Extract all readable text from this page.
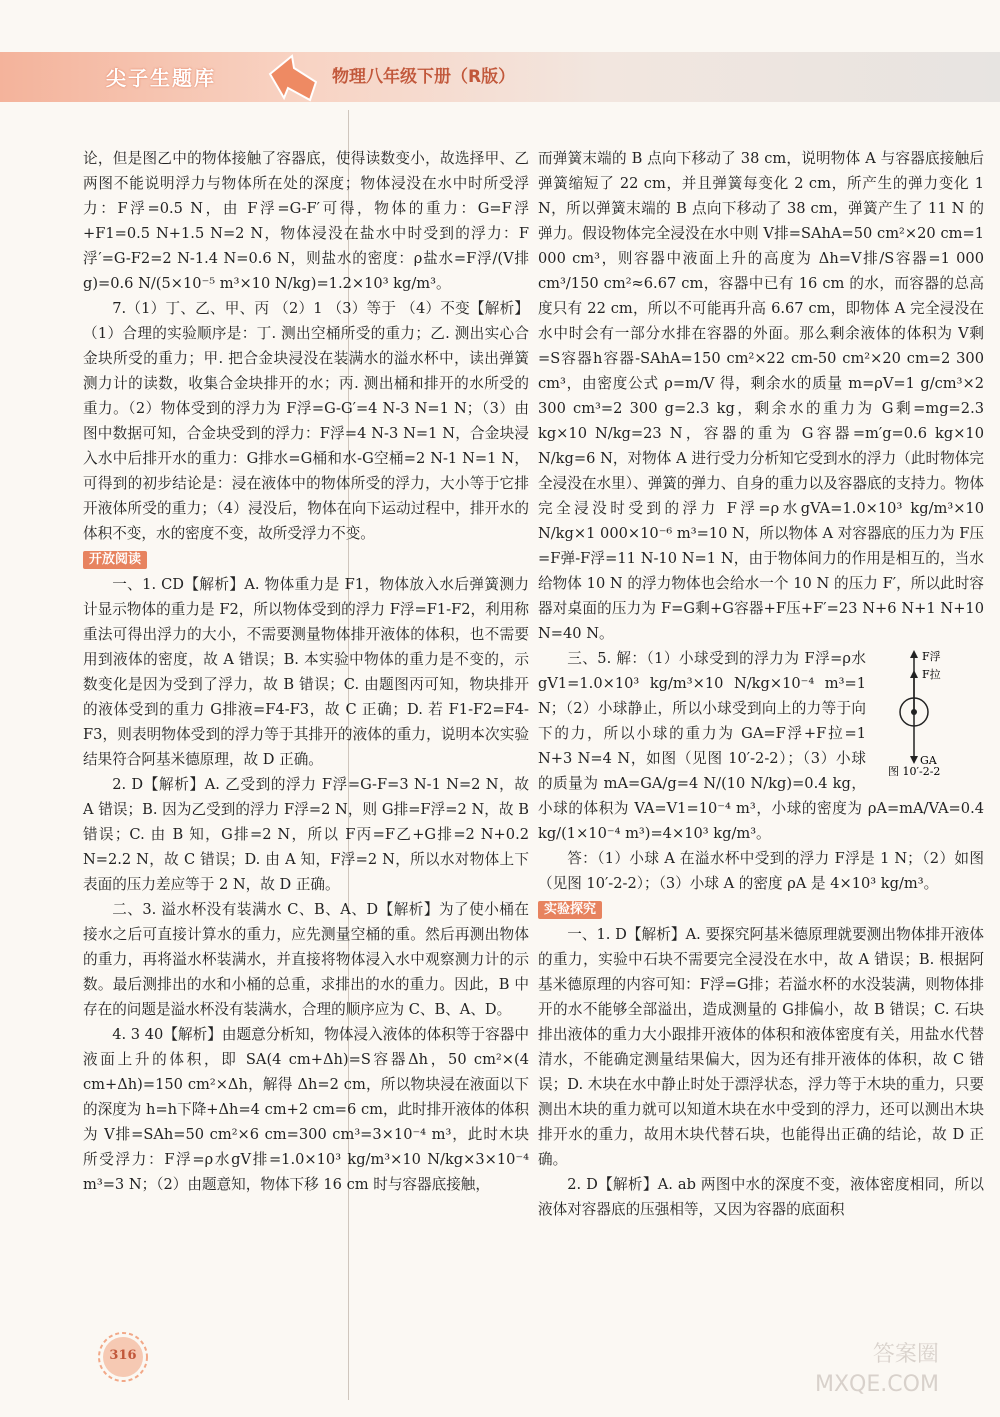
尖子生题库	物理八年级下册（R版）

论，但是图乙中的物体接触了容器底，使得读数变小，故选择甲、乙两图不能说明浮力与物体所在处的深度；物体浸没在水中时所受浮力：F浮=0.5 N，由 F浮=G-F′可得，物体的重力：G=F浮+F1=0.5 N+1.5 N=2 N，物体浸没在盐水中时受到的浮力：F浮′=G-F2=2 N-1.4 N=0.6 N，则盐水的密度：ρ盐水=F浮/(V排g)=0.6 N/(5×10⁻⁵ m³×10 N/kg)=1.2×10³ kg/m³。

7.（1）丁、乙、甲、丙 （2）1 （3）等于 （4）不变【解析】（1）合理的实验顺序是：丁. 测出空桶所受的重力；乙. 测出实心合金块所受的重力；甲. 把合金块浸没在装满水的溢水杯中，读出弹簧测力计的读数，收集合金块排开的水；丙. 测出桶和排开的水所受的重力。（2）物体受到的浮力为 F浮=G-G′=4 N-3 N=1 N；（3）由图中数据可知，合金块受到的浮力：F浮=4 N-3 N=1 N，合金块浸入水中后排开水的重力：G排水=G桶和水-G空桶=2 N-1 N=1 N，可得到的初步结论是：浸在液体中的物体所受的浮力，大小等于它排开液体所受的重力；（4）浸没后，物体在向下运动过程中，排开水的体积不变，水的密度不变，故所受浮力不变。

开放阅读

一、1. CD【解析】A. 物体重力是 F1，物体放入水后弹簧测力计显示物体的重力是 F2，所以物体受到的浮力 F浮=F1-F2，利用称重法可得出浮力的大小，不需要测量物体排开液体的体积，也不需要用到液体的密度，故 A 错误；B. 本实验中物体的重力是不变的，示数变化是因为受到了浮力，故 B 错误；C. 由题图丙可知，物块排开的液体受到的重力 G排液=F4-F3，故 C 正确；D. 若 F1-F2=F4-F3，则表明物体受到的浮力等于其排开的液体的重力，说明本次实验结果符合阿基米德原理，故 D 正确。

2. D【解析】A. 乙受到的浮力 F浮=G-F=3 N-1 N=2 N，故 A 错误；B. 因为乙受到的浮力 F浮=2 N，则 G排=F浮=2 N，故 B 错误；C. 由 B 知，G排=2 N，所以 F丙=F乙+G排=2 N+0.2 N=2.2 N，故 C 错误；D. 由 A 知，F浮=2 N，所以水对物体上下表面的压力差应等于 2 N，故 D 正确。

二、3. 溢水杯没有装满水 C、B、A、D【解析】为了使小桶在接水之后可直接计算水的重力，应先测量空桶的重。然后再测出物体的重力，再将溢水杯装满水，并直接将物体浸入水中观察测力计的示数。最后测排出的水和小桶的总重，求排出的水的重力。因此，B 中存在的问题是溢水杯没有装满水，合理的顺序应为 C、B、A、D。

4. 3 40【解析】由题意分析知，物体浸入液体的体积等于容器中液面上升的体积，即 SA(4 cm+Δh)=S容器Δh，50 cm²×(4 cm+Δh)=150 cm²×Δh，解得 Δh=2 cm，所以物块浸在液面以下的深度为 h=h下降+Δh=4 cm+2 cm=6 cm，此时排开液体的体积为 V排=SAh=50 cm²×6 cm=300 cm³=3×10⁻⁴ m³，此时木块所受浮力：F浮=ρ水gV排=1.0×10³ kg/m³×10 N/kg×3×10⁻⁴ m³=3 N；（2）由题意知，物体下移 16 cm 时与容器底接触，

而弹簧末端的 B 点向下移动了 38 cm，说明物体 A 与容器底接触后弹簧缩短了 22 cm，并且弹簧每变化 2 cm，所产生的弹力变化 1 N，所以弹簧末端的 B 点向下移动了 38 cm，弹簧产生了 11 N 的弹力。假设物体完全浸没在水中则 V排=SAhA=50 cm²×20 cm=1 000 cm³，则容器中液面上升的高度为 Δh=V排/S容器=1 000 cm³/150 cm²≈6.67 cm，容器中已有 16 cm 的水，而容器的总高度只有 22 cm，所以不可能再升高 6.67 cm，即物体 A 完全浸没在水中时会有一部分水排在容器的外面。那么剩余液体的体积为 V剩=S容器h容器-SAhA=150 cm²×22 cm-50 cm²×20 cm=2 300 cm³，由密度公式 ρ=m/V 得，剩余水的质量 m=ρV=1 g/cm³×2 300 cm³=2 300 g=2.3 kg，剩余水的重力为 G剩=mg=2.3 kg×10 N/kg=23 N，容器的重为 G容器=m′g=0.6 kg×10 N/kg=6 N，对物体 A 进行受力分析知它受到水的浮力（此时物体完全浸没在水里）、弹簧的弹力、自身的重力以及容器底的支持力。物体完全浸没时受到的浮力 F浮=ρ水gVA=1.0×10³ kg/m³×10 N/kg×1 000×10⁻⁶ m³=10 N，所以物体 A 对容器底的压力为 F压=F弹-F浮=11 N-10 N=1 N，由于物体间力的作用是相互的，当水给物体 10 N 的浮力物体也会给水一个 10 N 的压力 F′，所以此时容器对桌面的压力为 F=G剩+G容器+F压+F′=23 N+6 N+1 N+10 N=40 N。

F浮
F拉
GA
图 10′-2-2

三、5. 解：（1）小球受到的浮力为 F浮=ρ水gV1=1.0×10³ kg/m³×10 N/kg×10⁻⁴ m³=1 N；（2）小球静止，所以小球受到向上的力等于向下的力，所以小球的重力为 GA=F浮+F拉=1 N+3 N=4 N，如图（见图 10′-2-2）；（3）小球的质量为 mA=GA/g=4 N/(10 N/kg)=0.4 kg，小球的体积为 VA=V1=10⁻⁴ m³，小球的密度为 ρA=mA/VA=0.4 kg/(1×10⁻⁴ m³)=4×10³ kg/m³。

答：（1）小球 A 在溢水杯中受到的浮力 F浮是 1 N；（2）如图（见图 10′-2-2）；（3）小球 A 的密度 ρA 是 4×10³ kg/m³。

实验探究

一、1. D【解析】A. 要探究阿基米德原理就要测出物体排开液体的重力，实验中石块不需要完全浸没在水中，故 A 错误；B. 根据阿基米德原理的内容可知：F浮=G排；若溢水杯的水没装满，则物体排开的水不能够全部溢出，造成测量的 G排偏小，故 B 错误；C. 石块排出液体的重力大小跟排开液体的体积和液体密度有关，用盐水代替清水，不能确定测量结果偏大，因为还有排开液体的体积，故 C 错误；D. 木块在水中静止时处于漂浮状态，浮力等于木块的重力，只要测出木块的重力就可以知道木块在水中受到的浮力，还可以测出木块排开水的重力，故用木块代替石块，也能得出正确的结论，故 D 正确。

2. D【解析】A. ab 两图中水的深度不变，液体密度相同，所以液体对容器底的压强相等，又因为容器的底面积

316	答案圈
MXQE.COM
